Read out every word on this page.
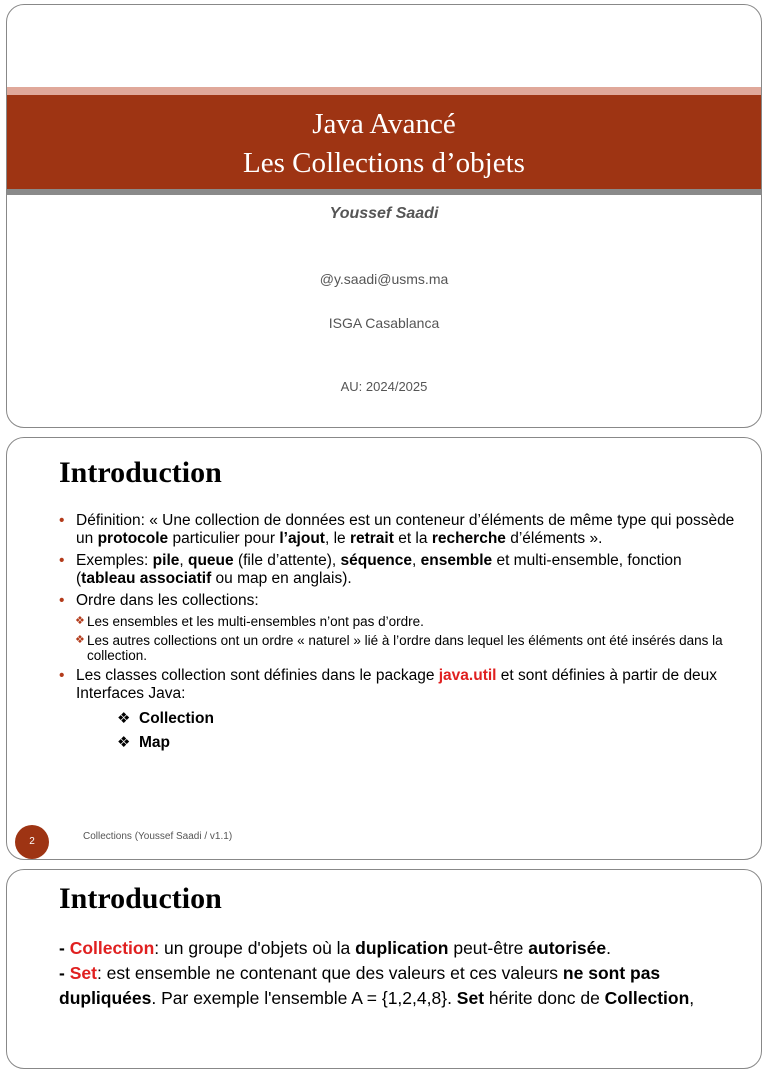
Java Avancé
Les Collections d’objets
Youssef Saadi
@y.saadi@usms.ma
ISGA Casablanca
AU: 2024/2025
Introduction
• Définition: « Une collection de données est un conteneur d’éléments de même type qui possède un protocole particulier pour l’ajout, le retrait et la recherche d’éléments ».
• Exemples: pile, queue (file d’attente), séquence, ensemble et multi-ensemble, fonction (tableau associatif ou map en anglais).
• Ordre dans les collections:
❖ Les ensembles et les multi-ensembles n’ont pas d’ordre.
❖ Les autres collections ont un ordre « naturel » lié à l’ordre dans lequel les éléments ont été insérés dans la collection.
• Les classes collection sont définies dans le package java.util et sont définies à partir de deux Interfaces Java:
❖ Collection
❖ Map
2	Collections (Youssef Saadi / v1.1)
Introduction

- Collection: un groupe d'objets où la duplication peut-être autorisée.

- Set: est ensemble ne contenant que des valeurs et ces valeurs ne sont pas dupliquées. Par exemple l'ensemble A = {1,2,4,8}. Set hérite donc de Collection,
